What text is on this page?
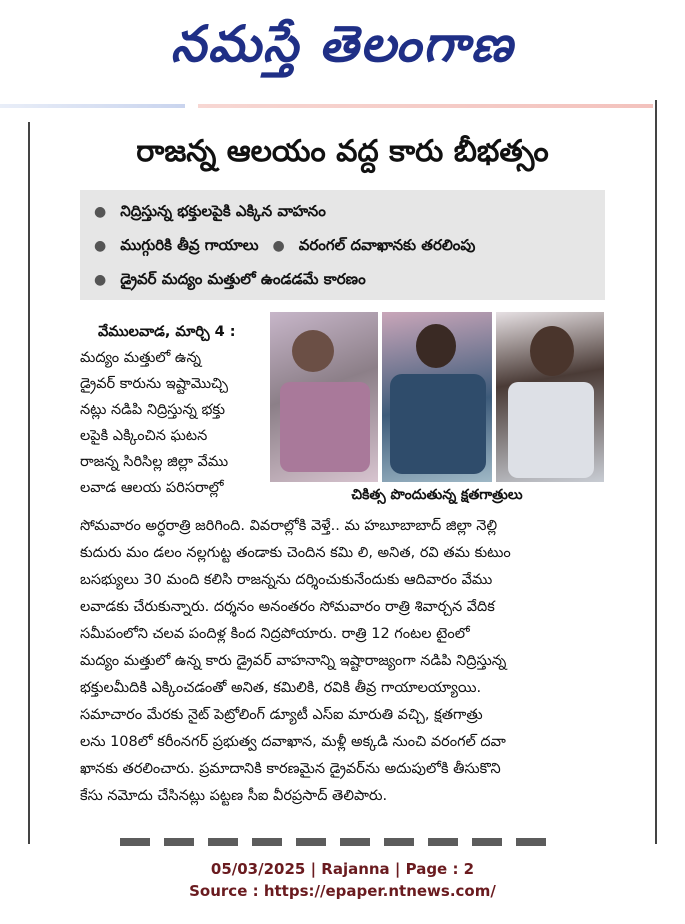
నమస్తే తెలంగాణ
రాజన్న ఆలయం వద్ద కారు బీభత్సం
● నిద్రిస్తున్న భక్తులపైకి ఎక్కిన వాహనం
● ముగ్గురికి తీవ్ర గాయాలు ● వరంగల్ దవాఖానకు తరలింపు
● డ్రైవర్ మద్యం మత్తులో ఉండడమే కారణం
చికిత్స పొందుతున్న క్షతగాత్రులు
వేములవాడ, మార్చి 4 :
మద్యం మత్తులో ఉన్న
డ్రైవర్ కారును ఇష్టామొచ్చి
నట్లు నడిపి నిద్రిస్తున్న భక్తు
లపైకి ఎక్కించిన ఘటన
రాజన్న సిరిసిల్ల జిల్లా వేము
లవాడ ఆలయ పరిసరాల్లో
సోమవారం అర్ధరాత్రి జరిగింది. వివరాల్లోకి వెళ్తే.. మ హబూబాబాద్ జిల్లా నెల్లి
కుదురు మం డలం నల్లగుట్ట తండాకు చెందిన కమి లి, అనిత, రవి తమ కుటుం
బసభ్యులు 30 మంది కలిసి రాజన్నను దర్శించుకునేందుకు ఆదివారం వేము
లవాడకు చేరుకున్నారు. దర్శనం అనంతరం సోమవారం రాత్రి శివార్చన వేదిక
సమీపంలోని చలవ పందిళ్ల కింద నిద్రపోయారు. రాత్రి 12 గంటల టైంలో
మద్యం మత్తులో ఉన్న కారు డ్రైవర్ వాహనాన్ని ఇష్టారాజ్యంగా నడిపి నిద్రిస్తున్న
భక్తులమీదికి ఎక్కించడంతో అనిత, కమిలికి, రవికి తీవ్ర గాయాలయ్యాయి.
సమాచారం మేరకు నైట్ పెట్రోలింగ్ డ్యూటీ ఎస్ఐ మారుతి వచ్చి, క్షతగాత్రు
లను 108లో కరీంనగర్ ప్రభుత్వ దవాఖాన, మళ్లీ అక్కడి నుంచి వరంగల్ దవా
ఖానకు తరలించారు. ప్రమాదానికి కారణమైన డ్రైవర్‌ను అదుపులోకి తీసుకొని
కేసు నమోదు చేసినట్లు పట్టణ సీఐ వీరప్రసాద్ తెలిపారు.
05/03/2025 | Rajanna | Page : 2
Source : https://epaper.ntnews.com/
